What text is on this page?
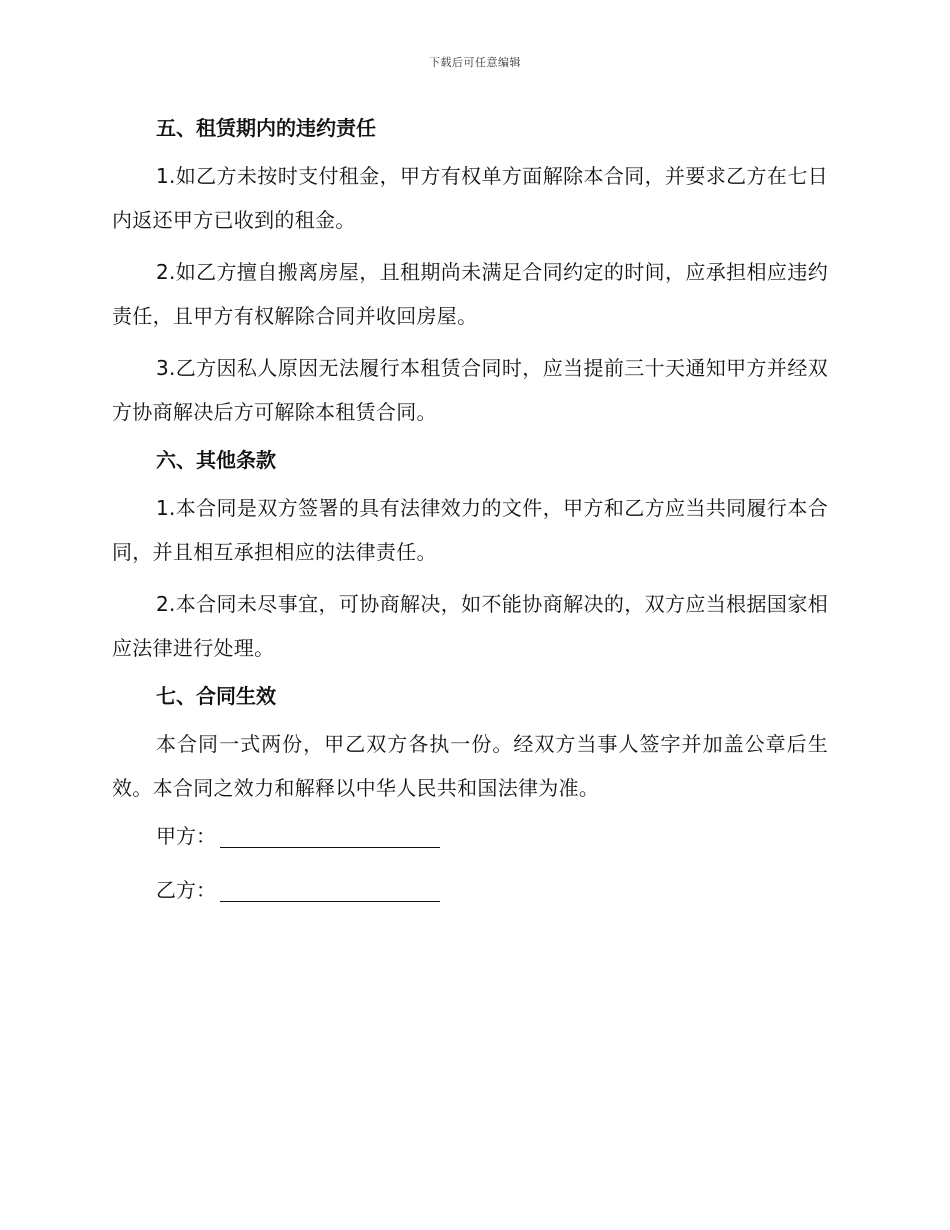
下载后可任意编辑
五、租赁期内的违约责任

1.如乙方未按时支付租金，甲方有权单方面解除本合同，并要求乙方在七日内返还甲方已收到的租金。

2.如乙方擅自搬离房屋，且租期尚未满足合同约定的时间，应承担相应违约责任，且甲方有权解除合同并收回房屋。

3.乙方因私人原因无法履行本租赁合同时，应当提前三十天通知甲方并经双方协商解决后方可解除本租赁合同。

六、其他条款

1.本合同是双方签署的具有法律效力的文件，甲方和乙方应当共同履行本合同，并且相互承担相应的法律责任。

2.本合同未尽事宜，可协商解决，如不能协商解决的，双方应当根据国家相应法律进行处理。

七、合同生效

本合同一式两份，甲乙双方各执一份。经双方当事人签字并加盖公章后生效。本合同之效力和解释以中华人民共和国法律为准。

甲方：
乙方：
